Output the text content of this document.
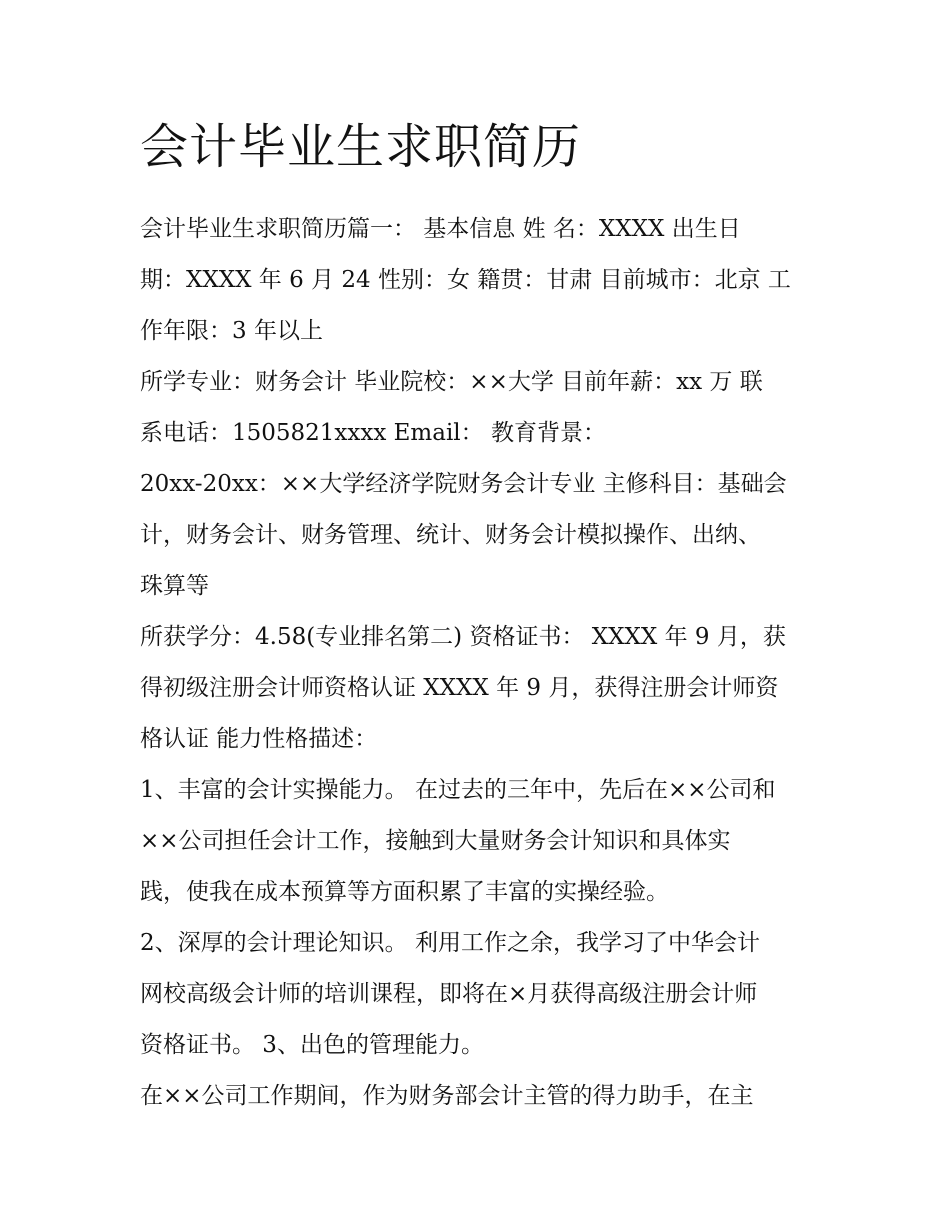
会计毕业生求职简历
会计毕业生求职简历篇一： 基本信息 姓 名：XXXX 出生日
期：XXXX 年 6 月 24 性别：女 籍贯：甘肃 目前城市：北京 工
作年限：3 年以上
所学专业：财务会计 毕业院校：××大学 目前年薪：xx 万 联
系电话：1505821xxxx Email： 教育背景：
20xx-20xx：××大学经济学院财务会计专业 主修科目：基础会
计，财务会计、财务管理、统计、财务会计模拟操作、出纳、
珠算等
所获学分：4.58(专业排名第二) 资格证书： XXXX 年 9 月，获
得初级注册会计师资格认证 XXXX 年 9 月，获得注册会计师资
格认证 能力性格描述：
1、丰富的会计实操能力。 在过去的三年中，先后在××公司和
××公司担任会计工作，接触到大量财务会计知识和具体实
践，使我在成本预算等方面积累了丰富的实操经验。
2、深厚的会计理论知识。 利用工作之余，我学习了中华会计
网校高级会计师的培训课程，即将在×月获得高级注册会计师
资格证书。 3、出色的管理能力。
在××公司工作期间，作为财务部会计主管的得力助手，在主
